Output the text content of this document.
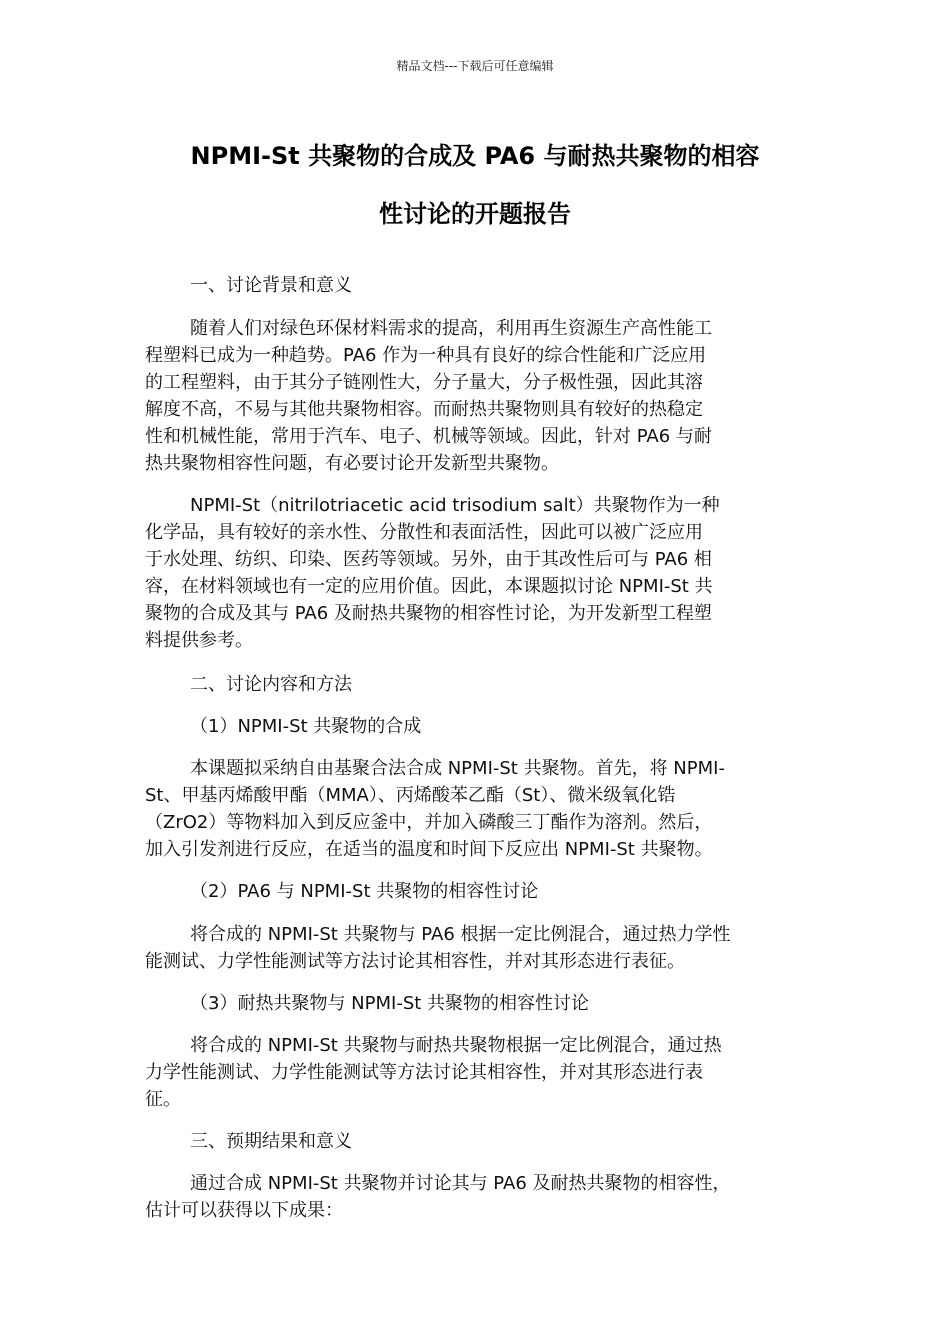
精品文档---下载后可任意编辑
NPMI-St 共聚物的合成及 PA6 与耐热共聚物的相容
性讨论的开题报告
一、讨论背景和意义
随着人们对绿色环保材料需求的提高，利用再生资源生产高性能工
程塑料已成为一种趋势。PA6 作为一种具有良好的综合性能和广泛应用
的工程塑料，由于其分子链刚性大，分子量大，分子极性强，因此其溶
解度不高，不易与其他共聚物相容。而耐热共聚物则具有较好的热稳定
性和机械性能，常用于汽车、电子、机械等领域。因此，针对 PA6 与耐
热共聚物相容性问题，有必要讨论开发新型共聚物。
NPMI-St（nitrilotriacetic acid trisodium salt）共聚物作为一种
化学品，具有较好的亲水性、分散性和表面活性，因此可以被广泛应用
于水处理、纺织、印染、医药等领域。另外，由于其改性后可与 PA6 相
容，在材料领域也有一定的应用价值。因此，本课题拟讨论 NPMI-St 共
聚物的合成及其与 PA6 及耐热共聚物的相容性讨论，为开发新型工程塑
料提供参考。
二、讨论内容和方法
（1）NPMI-St 共聚物的合成
本课题拟采纳自由基聚合法合成 NPMI-St 共聚物。首先，将 NPMI-
St、甲基丙烯酸甲酯（MMA）、丙烯酸苯乙酯（St）、微米级氧化锆
（ZrO2）等物料加入到反应釜中，并加入磷酸三丁酯作为溶剂。然后，
加入引发剂进行反应，在适当的温度和时间下反应出 NPMI-St 共聚物。
（2）PA6 与 NPMI-St 共聚物的相容性讨论
将合成的 NPMI-St 共聚物与 PA6 根据一定比例混合，通过热力学性
能测试、力学性能测试等方法讨论其相容性，并对其形态进行表征。
（3）耐热共聚物与 NPMI-St 共聚物的相容性讨论
将合成的 NPMI-St 共聚物与耐热共聚物根据一定比例混合，通过热
力学性能测试、力学性能测试等方法讨论其相容性，并对其形态进行表
征。
三、预期结果和意义
通过合成 NPMI-St 共聚物并讨论其与 PA6 及耐热共聚物的相容性，
估计可以获得以下成果：
